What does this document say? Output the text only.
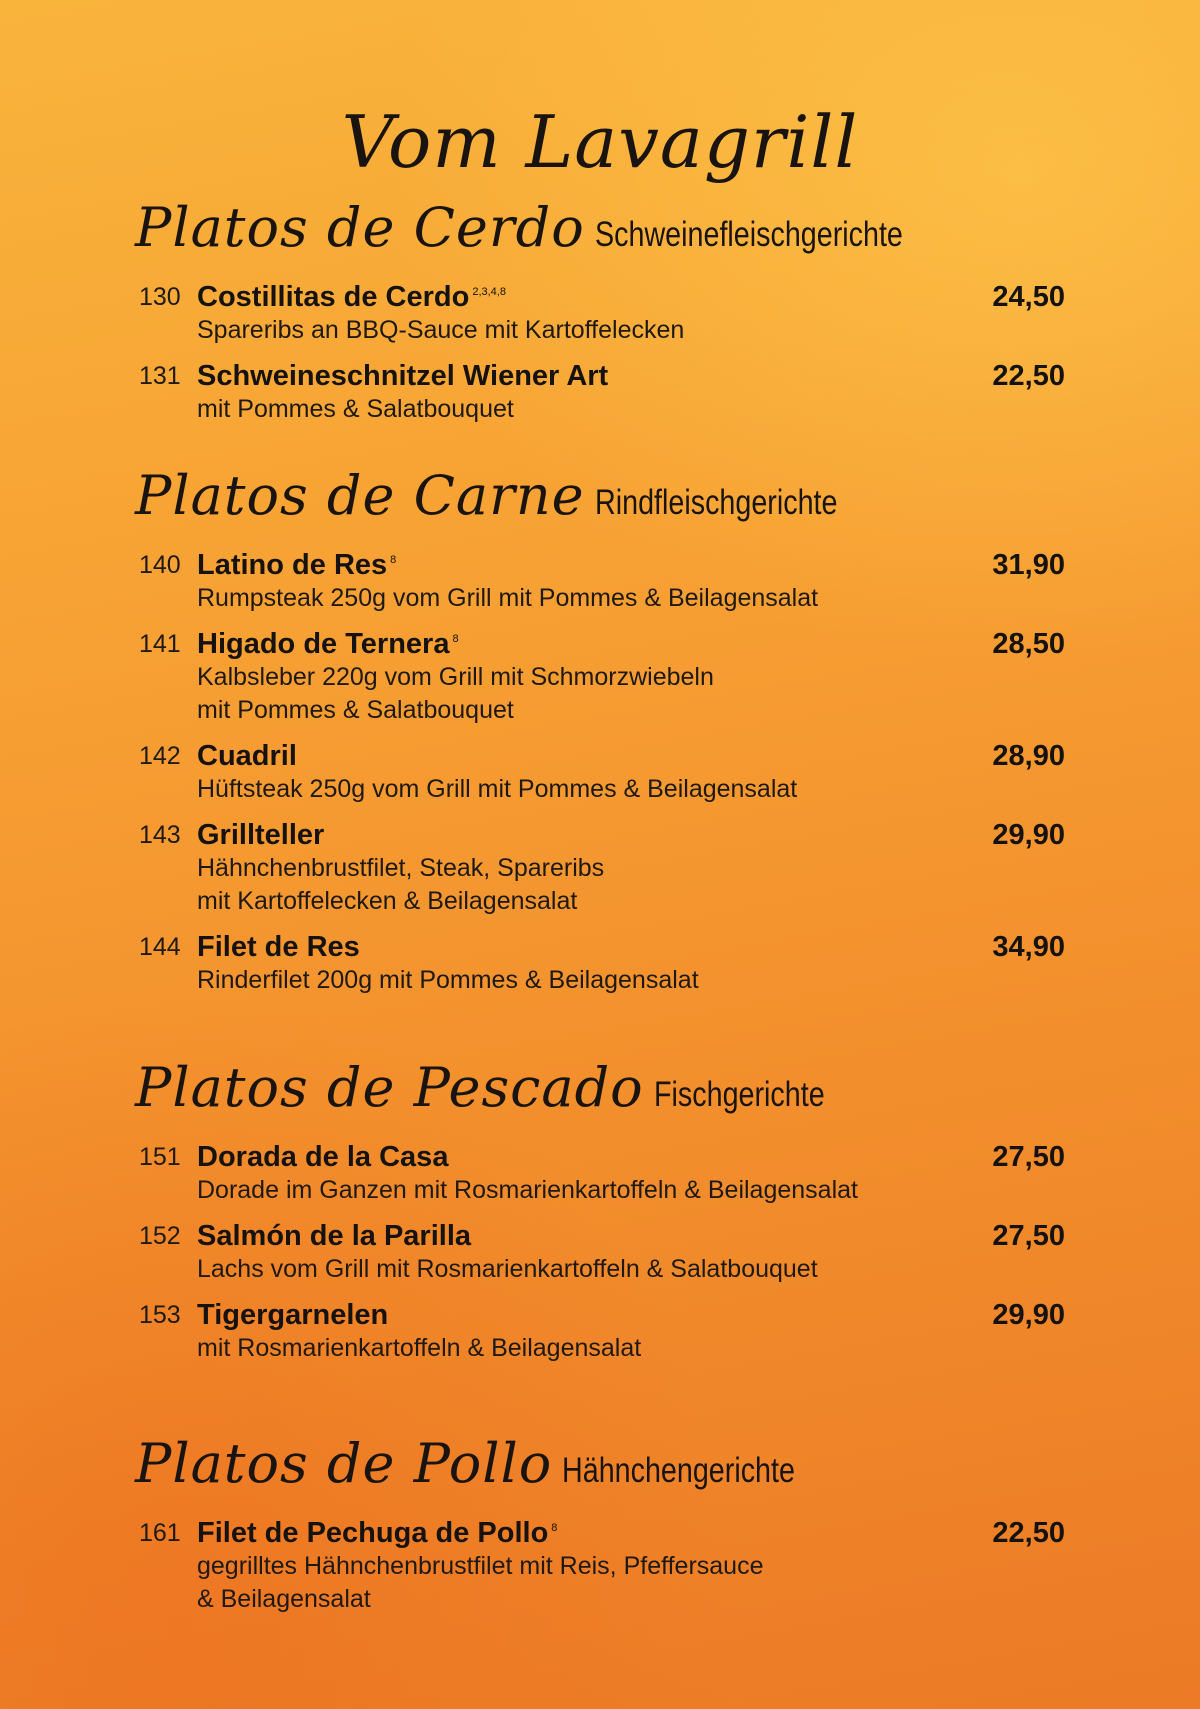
Vom Lavagrill
Platos de Cerdo Schweinefleischgerichte
130 Costillitas de Cerdo $^{2,3,4,8}$
Spareribs an BBQ-Sauce mit Kartoffelecken
24,50
131 Schweineschnitzel Wiener Art
mit Pommes & Salatbouquet
22,50
Platos de Carne Rindfleischgerichte
140 Latino de Res $^8$
Rumpsteak 250g vom Grill mit Pommes & Beilagensalat
31,90
141 Higado de Ternera $^8$
Kalbsleber 220g vom Grill mit Schmorzwiebeln
mit Pommes & Salatbouquet
28,50
142 Cuadril
Hüftsteak 250g vom Grill mit Pommes & Beilagensalat
28,90
143 Grillteller
Hähnchenbrustfilet, Steak, Spareribs
mit Kartoffelecken & Beilagensalat
29,90
144 Filet de Res
Rinderfilet 200g mit Pommes & Beilagensalat
34,90
Platos de Pescado Fischgerichte
151 Dorada de la Casa
Dorade im Ganzen mit Rosmarienkartoffeln & Beilagensalat
27,50
152 Salmón de la Parilla
Lachs vom Grill mit Rosmarienkartoffeln & Salatbouquet
27,50
153 Tigergarnelen
mit Rosmarienkartoffeln & Beilagensalat
29,90
Platos de Pollo Hähnchengerichte
161 Filet de Pechuga de Pollo $^8$
gegrilltes Hähnchenbrustfilet mit Reis, Pfeffersauce
& Beilagensalat
22,50
